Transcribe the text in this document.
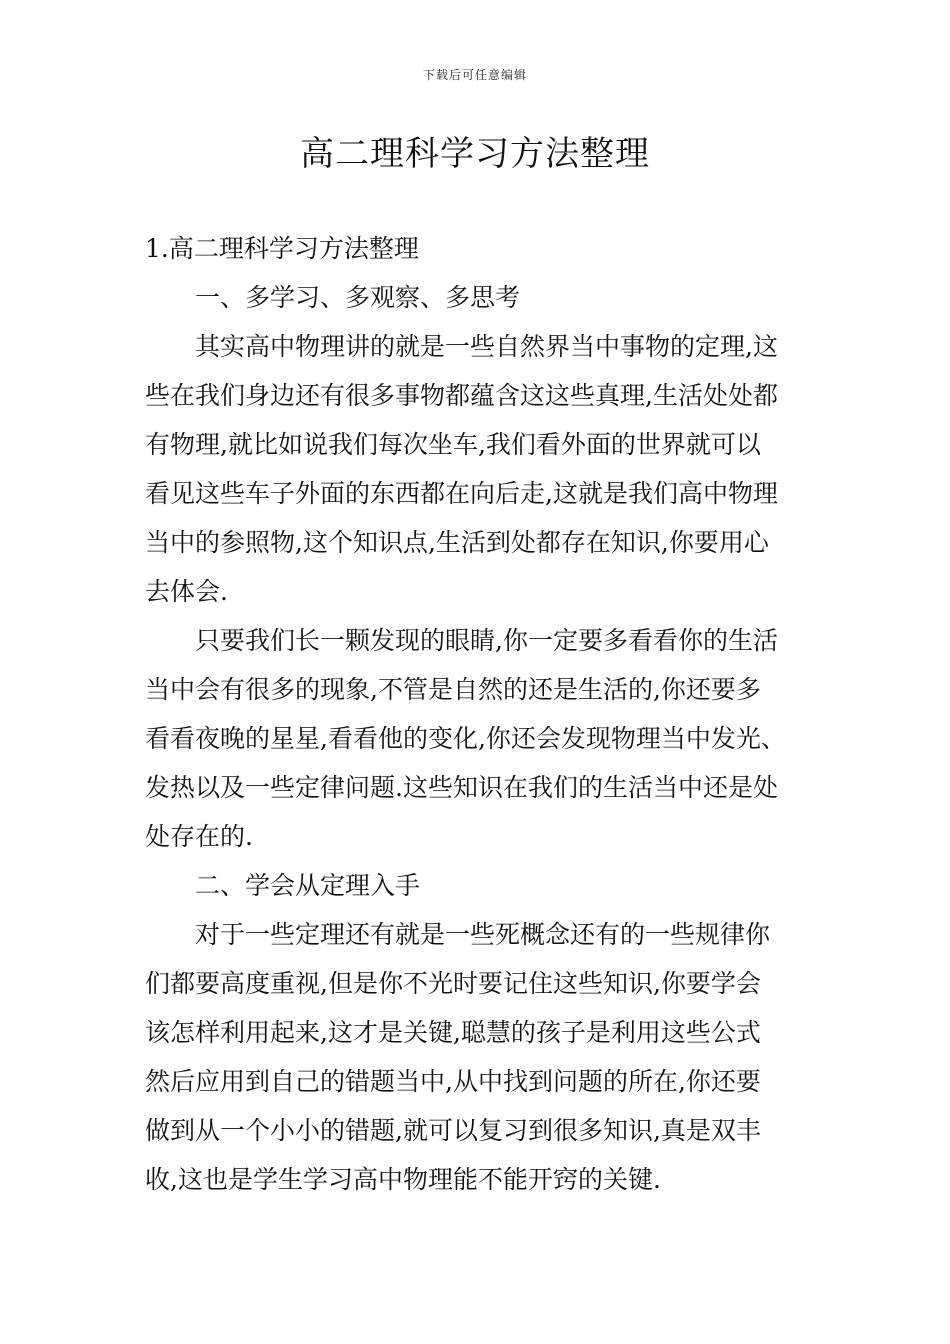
下载后可任意编辑
高二理科学习方法整理
1.高二理科学习方法整理
一、多学习、多观察、多思考
其实高中物理讲的就是一些自然界当中事物的定理,这
些在我们身边还有很多事物都蕴含这这些真理,生活处处都
有物理,就比如说我们每次坐车,我们看外面的世界就可以
看见这些车子外面的东西都在向后走,这就是我们高中物理
当中的参照物,这个知识点,生活到处都存在知识,你要用心
去体会.
只要我们长一颗发现的眼睛,你一定要多看看你的生活
当中会有很多的现象,不管是自然的还是生活的,你还要多
看看夜晚的星星,看看他的变化,你还会发现物理当中发光、
发热以及一些定律问题.这些知识在我们的生活当中还是处
处存在的.
二、学会从定理入手
对于一些定理还有就是一些死概念还有的一些规律你
们都要高度重视,但是你不光时要记住这些知识,你要学会
该怎样利用起来,这才是关键,聪慧的孩子是利用这些公式
然后应用到自己的错题当中,从中找到问题的所在,你还要
做到从一个小小的错题,就可以复习到很多知识,真是双丰
收,这也是学生学习高中物理能不能开窍的关键.
